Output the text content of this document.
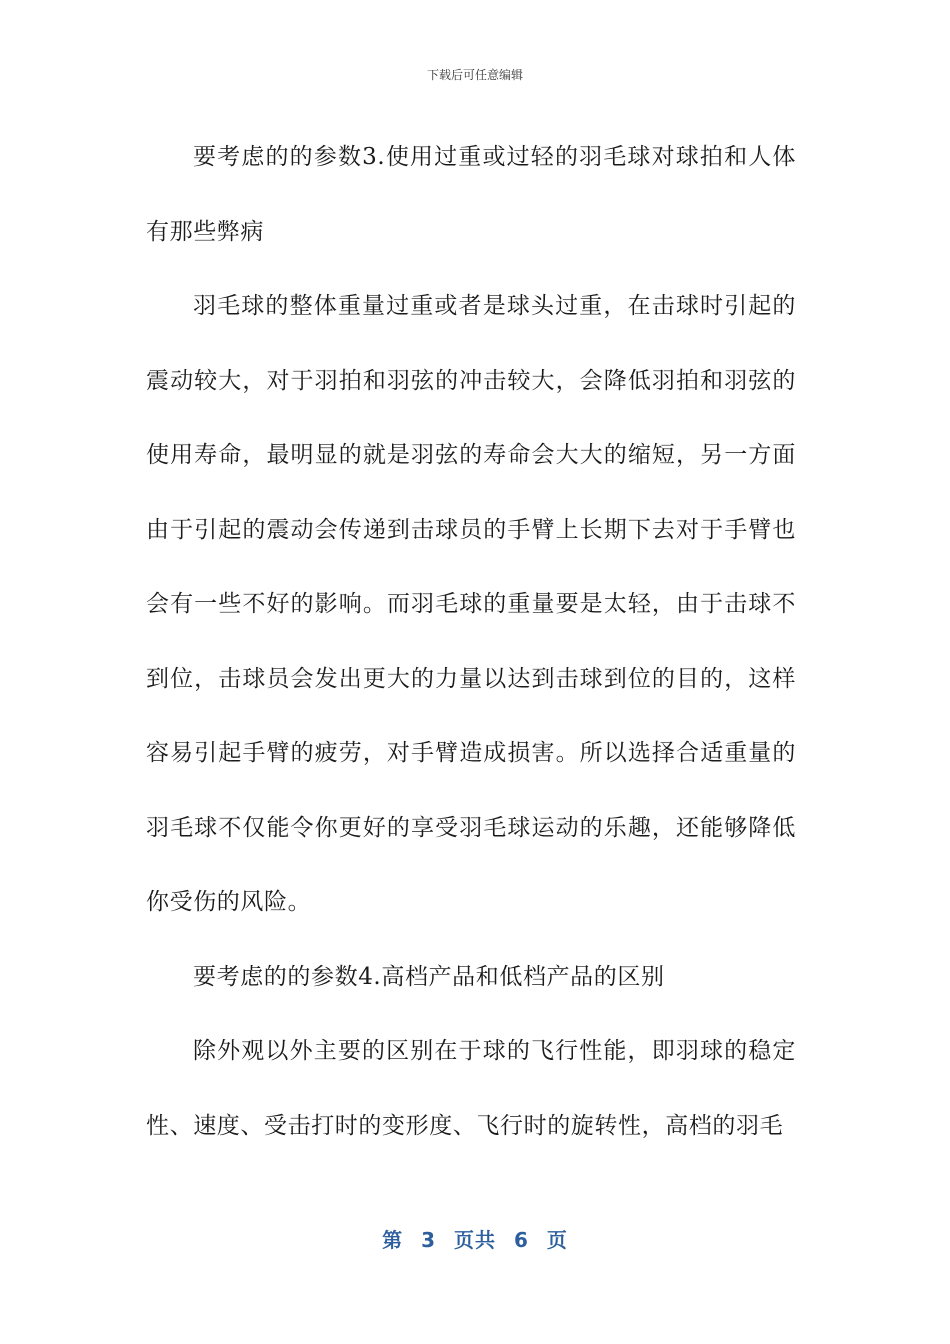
下载后可任意编辑

要考虑的的参数3.使用过重或过轻的羽毛球对球拍和人体有那些弊病

羽毛球的整体重量过重或者是球头过重，在击球时引起的震动较大，对于羽拍和羽弦的冲击较大，会降低羽拍和羽弦的使用寿命，最明显的就是羽弦的寿命会大大的缩短，另一方面由于引起的震动会传递到击球员的手臂上长期下去对于手臂也会有一些不好的影响。而羽毛球的重量要是太轻，由于击球不到位，击球员会发出更大的力量以达到击球到位的目的，这样容易引起手臂的疲劳，对手臂造成损害。所以选择合适重量的羽毛球不仅能令你更好的享受羽毛球运动的乐趣，还能够降低你受伤的风险。

要考虑的的参数4.高档产品和低档产品的区别

除外观以外主要的区别在于球的飞行性能，即羽球的稳定性、速度、受击打时的变形度、飞行时的旋转性，高档的羽毛

第 3 页共 6 页
